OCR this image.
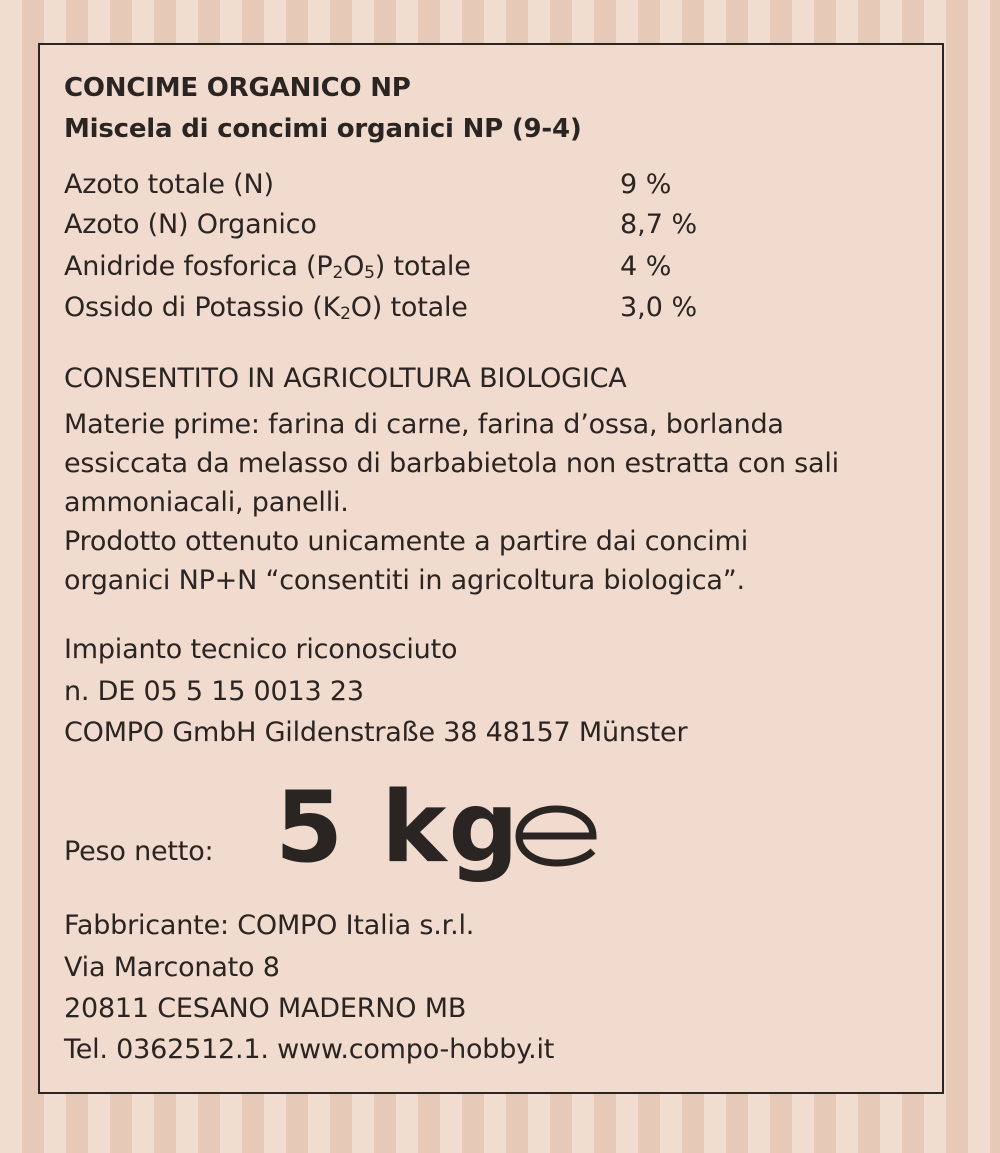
CONCIME ORGANICO NP

Miscela di concimi organici NP (9-4)

Azoto totale (N)	9 %

Azoto (N) Organico	8,7 %

Anidride fosforica $(P_2O_5)$ totale	4 %

Ossido di Potassio $(K_2O)$ totale	3,0 %

CONSENTITO IN AGRICOLTURA BIOLOGICA

Materie prime: farina di carne, farina d’ossa, borlanda

essiccata da melasso di barbabietola non estratta con sali

ammoniacali, panelli.

Prodotto ottenuto unicamente a partire dai concimi

organici NP+N “consentiti in agricoltura biologica”.

Impianto tecnico riconosciuto

n. DE 05 5 15 0013 23

COMPO GmbH Gildenstraße 38 48157 Münster

Peso netto: 5 kg

Fabbricante: COMPO Italia s.r.l.

Via Marconato 8

20811 CESANO MADERNO MB

Tel. 0362512.1. www.compo-hobby.it
